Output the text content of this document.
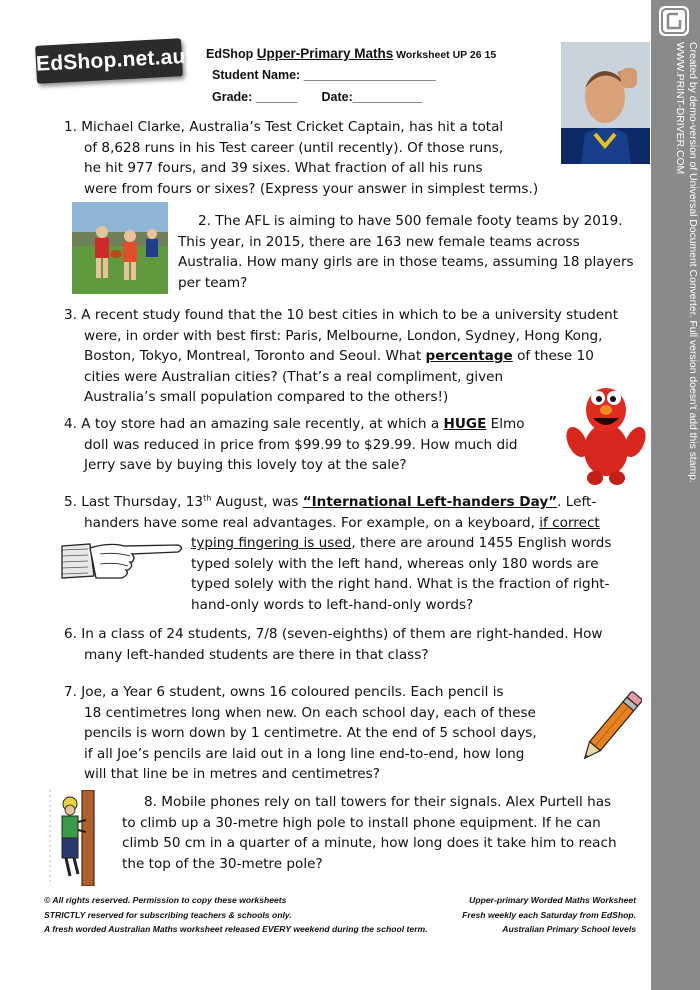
Created by demo-version of Universal Document Converter. Full version doesn't add this stamp.
WWW.PRINT-DRIVER.COM
EdShop.net.au EdShop Upper-Primary Maths Worksheet UP 26 15
Student Name: ___________________
Grade: ______ Date:__________
1. Michael Clarke, Australia’s Test Cricket Captain, has hit a total
of 8,628 runs in his Test career (until recently). Of those runs,
he hit 977 fours, and 39 sixes. What fraction of all his runs
were from fours or sixes? (Express your answer in simplest terms.)
2. The AFL is aiming to have 500 female footy teams by 2019.
This year, in 2015, there are 163 new female teams across
Australia. How many girls are in those teams, assuming 18 players
per team?
3. A recent study found that the 10 best cities in which to be a university student
were, in order with best first: Paris, Melbourne, London, Sydney, Hong Kong,
Boston, Tokyo, Montreal, Toronto and Seoul. What percentage of these 10
cities were Australian cities? (That’s a real compliment, given
Australia’s small population compared to the others!)
4. A toy store had an amazing sale recently, at which a HUGE Elmo
doll was reduced in price from $99.99 to $29.99. How much did
Jerry save by buying this lovely toy at the sale?
5. Last Thursday, 13th August, was “International Left-handers Day”. Left-
handers have some real advantages. For example, on a keyboard, if correct
typing fingering is used, there are around 1455 English words
typed solely with the left hand, whereas only 180 words are
typed solely with the right hand. What is the fraction of right-
hand-only words to left-hand-only words?
6. In a class of 24 students, 7/8 (seven-eighths) of them are right-handed. How
many left-handed students are there in that class?
7. Joe, a Year 6 student, owns 16 coloured pencils. Each pencil is
18 centimetres long when new. On each school day, each of these
pencils is worn down by 1 centimetre. At the end of 5 school days,
if all Joe’s pencils are laid out in a long line end-to-end, how long
will that line be in metres and centimetres?
8. Mobile phones rely on tall towers for their signals. Alex Purtell has
to climb up a 30-metre high pole to install phone equipment. If he can
climb 50 cm in a quarter of a minute, how long does it take him to reach
the top of the 30-metre pole?
© All rights reserved. Permission to copy these worksheets
STRICTLY reserved for subscribing teachers & schools only.
A fresh worded Australian Maths worksheet released EVERY weekend during the school term.
Upper-primary Worded Maths Worksheet
Fresh weekly each Saturday from EdShop.
Australian Primary School levels
